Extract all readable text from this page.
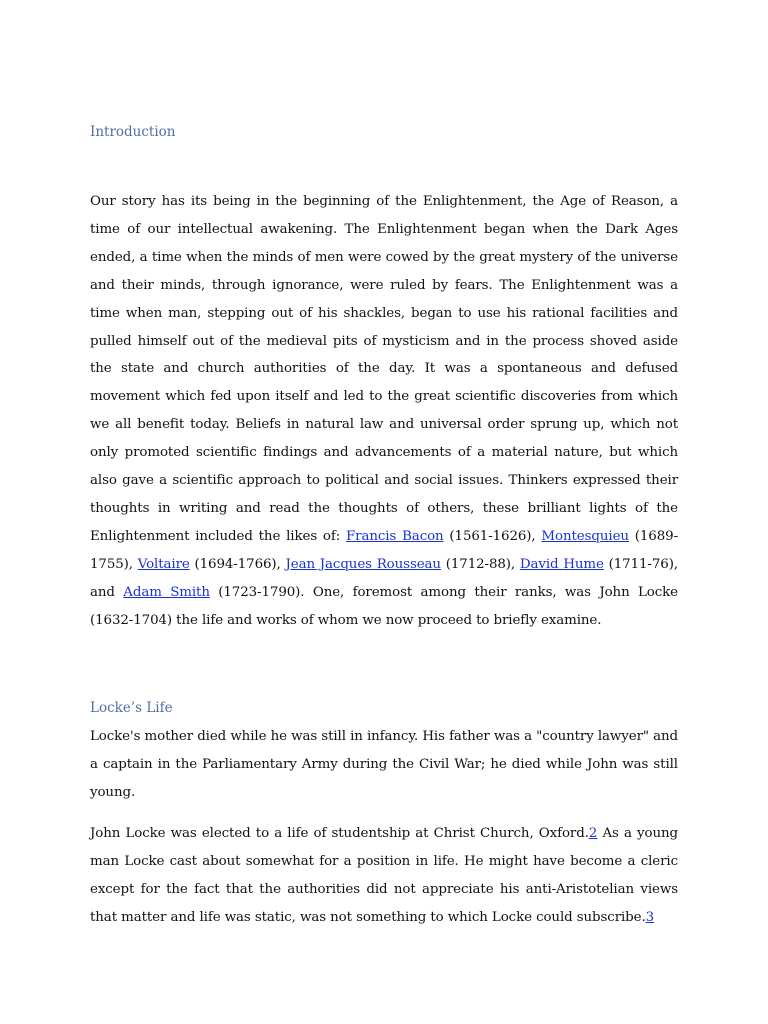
Introduction

Our story has its being in the beginning of the Enlightenment, the Age of Reason, a time of our intellectual awakening. The Enlightenment began when the Dark Ages ended, a time when the minds of men were cowed by the great mystery of the universe and their minds, through ignorance, were ruled by fears. The Enlightenment was a time when man, stepping out of his shackles, began to use his rational facilities and pulled himself out of the medieval pits of mysticism and in the process shoved aside the state and church authorities of the day. It was a spontaneous and defused movement which fed upon itself and led to the great scientific discoveries from which we all benefit today. Beliefs in natural law and universal order sprung up, which not only promoted scientific findings and advancements of a material nature, but which also gave a scientific approach to political and social issues. Thinkers expressed their thoughts in writing and read the thoughts of others, these brilliant lights of the Enlightenment included the likes of: Francis Bacon (1561-1626), Montesquieu (1689-1755), Voltaire (1694-1766), Jean Jacques Rousseau (1712-88), David Hume (1711-76), and Adam Smith (1723-1790). One, foremost among their ranks, was John Locke (1632-1704) the life and works of whom we now proceed to briefly examine.

Locke’s Life

Locke's mother died while he was still in infancy. His father was a "country lawyer" and a captain in the Parliamentary Army during the Civil War; he died while John was still young.

John Locke was elected to a life of studentship at Christ Church, Oxford.2 As a young man Locke cast about somewhat for a position in life. He might have become a cleric except for the fact that the authorities did not appreciate his anti-Aristotelian views that matter and life was static, was not something to which Locke could subscribe.3
